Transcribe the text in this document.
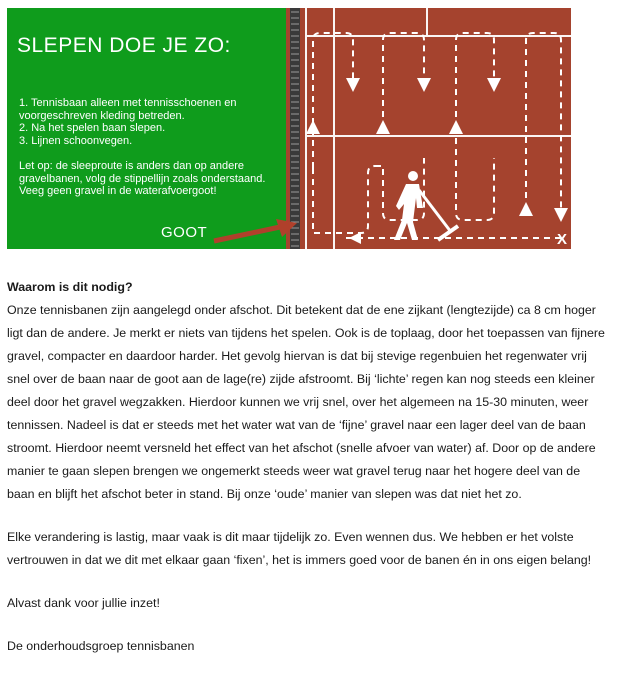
SLEPEN DOE JE ZO:
1. Tennisbaan alleen met tennisschoenen en voorgeschreven kleding betreden.
2. Na het spelen baan slepen.
3. Lijnen schoonvegen.
Let op: de sleeproute is anders dan op andere gravelbanen, volg de stippellijn zoals onderstaand. Veeg geen gravel in de waterafvoergoot!
GOOT	X
Waarom is dit nodig?

Onze tennisbanen zijn aangelegd onder afschot. Dit betekent dat de ene zijkant (lengtezijde) ca 8 cm hoger ligt dan de andere. Je merkt er niets van tijdens het spelen. Ook is de toplaag, door het toepassen van fijnere gravel, compacter en daardoor harder. Het gevolg hiervan is dat bij stevige regenbuien het regenwater vrij snel over de baan naar de goot aan de lage(re) zijde afstroomt. Bij ‘lichte’ regen kan nog steeds een kleiner deel door het gravel wegzakken. Hierdoor kunnen we vrij snel, over het algemeen na 15-30 minuten, weer tennissen. Nadeel is dat er steeds met het water wat van de ‘fijne’ gravel naar een lager deel van de baan stroomt. Hierdoor neemt versneld het effect van het afschot (snelle afvoer van water) af. Door op de andere manier te gaan slepen brengen we ongemerkt steeds weer wat gravel terug naar het hogere deel van de baan en blijft het afschot beter in stand. Bij onze ‘oude’ manier van slepen was dat niet het zo.

Elke verandering is lastig, maar vaak is dit maar tijdelijk zo. Even wennen dus. We hebben er het volste vertrouwen in dat we dit met elkaar gaan ‘fixen’, het is immers goed voor de banen én in ons eigen belang!

Alvast dank voor jullie inzet!

De onderhoudsgroep tennisbanen
